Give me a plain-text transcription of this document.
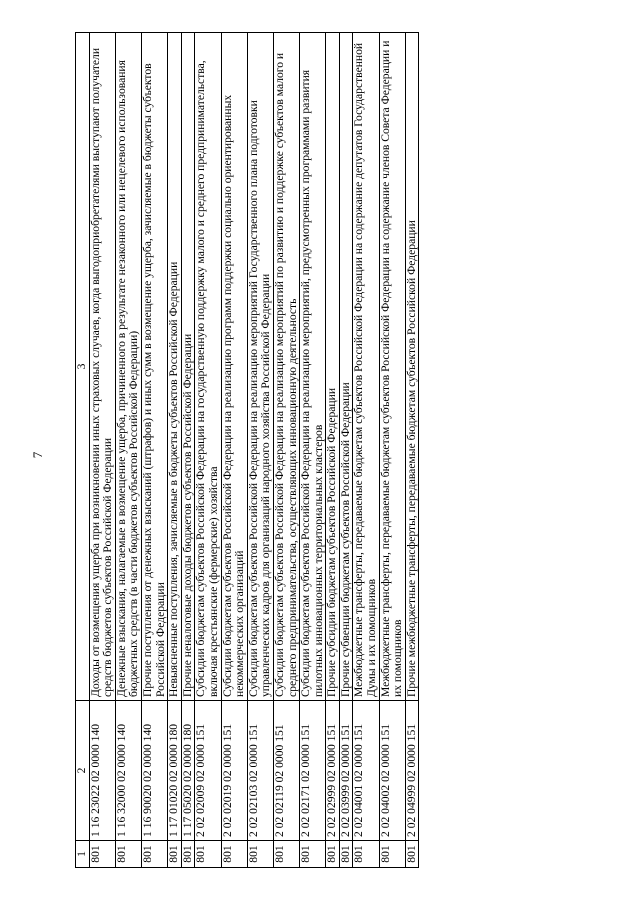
7
1	2	3
801	1 16 23022 02 0000 140	Доходы от возмещения ущерба при возникновении иных страховых случаев, когда выгодоприобретателями выступают получатели средств бюджетов субъектов Российской Федерации
801	1 16 32000 02 0000 140	Денежные взыскания, налагаемые в возмещение ущерба, причиненного в результате незаконного или нецелевого использования бюджетных средств (в части бюджетов субъектов Российской Федерации)
801	1 16 90020 02 0000 140	Прочие поступления от денежных взысканий (штрафов) и иных сумм в возмещение ущерба, зачисляемые в бюджеты субъектов Российской Федерации
801	1 17 01020 02 0000 180	Невыясненные поступления, зачисляемые в бюджеты субъектов Российской Федерации
801	1 17 05020 02 0000 180	Прочие неналоговые доходы бюджетов субъектов Российской Федерации
801	2 02 02009 02 0000 151	Субсидии бюджетам субъектов Российской Федерации на государственную поддержку малого и среднего предпринимательства, включая крестьянские (фермерские) хозяйства
801	2 02 02019 02 0000 151	Субсидии бюджетам субъектов Российской Федерации на реализацию программ поддержки социально ориентированных некоммерческих организаций
801	2 02 02103 02 0000 151	Субсидии бюджетам субъектов Российской Федерации на реализацию мероприятий Государственного плана подготовки управленческих кадров для организаций народного хозяйства Российской Федерации
801	2 02 02119 02 0000 151	Субсидии бюджетам субъектов Российской Федерации на реализацию мероприятий по развитию и поддержке субъектов малого и среднего предпринимательства, осуществляющих инновационную деятельность
801	2 02 02171 02 0000 151	Субсидии бюджетам субъектов Российской Федерации на реализацию мероприятий, предусмотренных программами развития пилотных инновационных территориальных кластеров
801	2 02 02999 02 0000 151	Прочие субсидии бюджетам субъектов Российской Федерации
801	2 02 03999 02 0000 151	Прочие субвенции бюджетам субъектов Российской Федерации
801	2 02 04001 02 0000 151	Межбюджетные трансферты, передаваемые бюджетам субъектов Российской Федерации на содержание депутатов Государственной Думы и их помощников
801	2 02 04002 02 0000 151	Межбюджетные трансферты, передаваемые бюджетам субъектов Российской Федерации на содержание членов Совета Федерации и их помощников
801	2 02 04999 02 0000 151	Прочие межбюджетные трансферты, передаваемые бюджетам субъектов Российской Федерации
